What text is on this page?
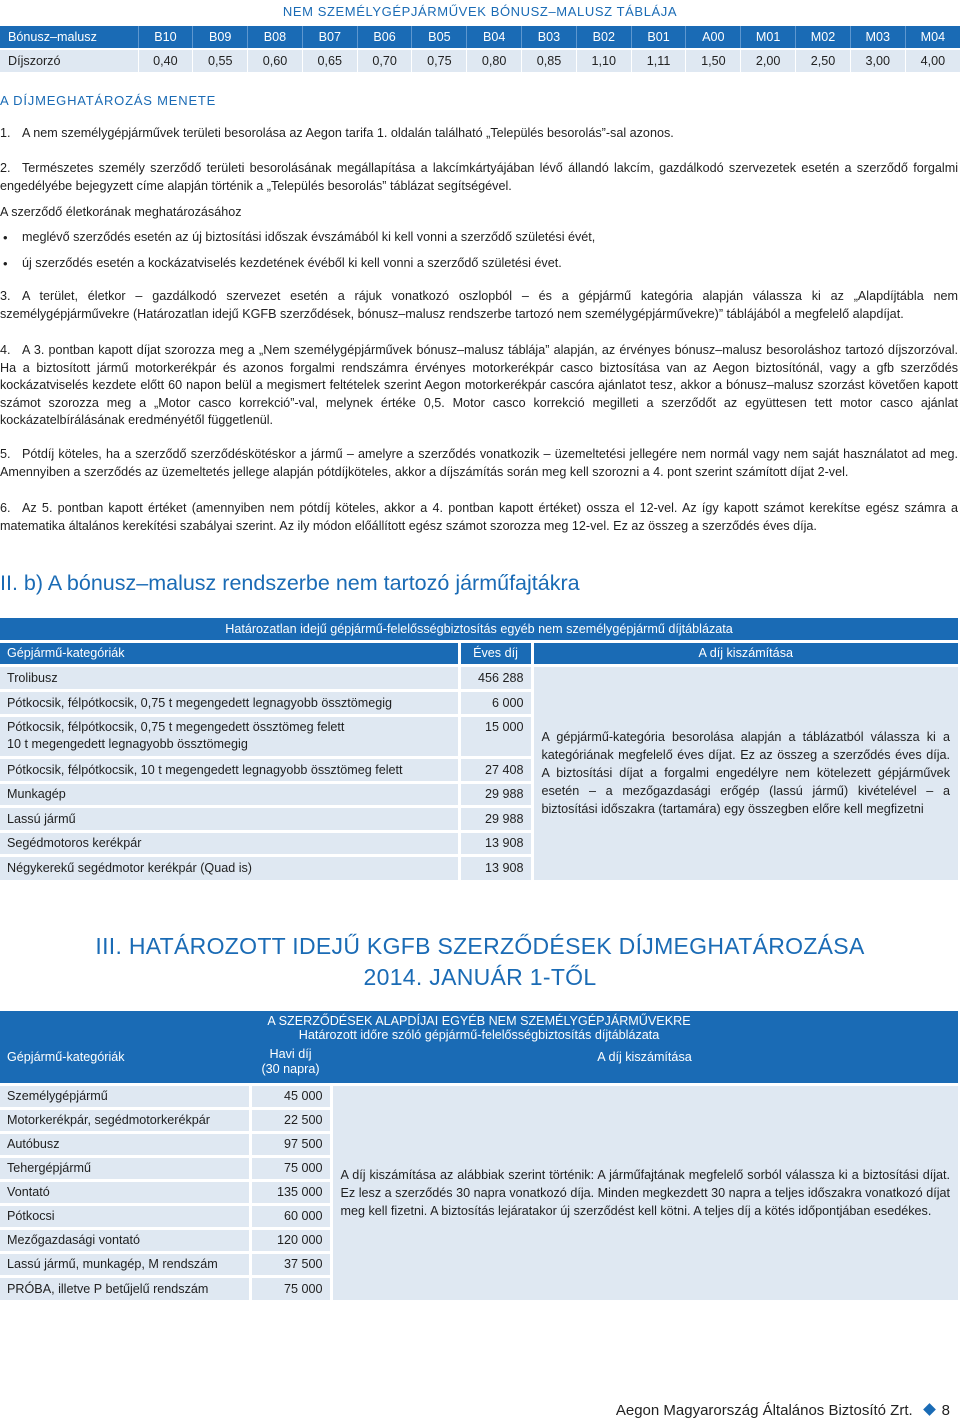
NEM SZEMÉLYGÉPJÁRMŰVEK BÓNUSZ–MALUSZ TÁBLÁJA
Bónusz–malusz	B10	B09	B08	B07	B06	B05	B04	B03	B02	B01	A00	M01	M02	M03	M04
Díjszorzó	0,40	0,55	0,60	0,65	0,70	0,75	0,80	0,85	1,10	1,11	1,50	2,00	2,50	3,00	4,00
A DÍJMEGHATÁROZÁS MENETE
1. A nem személygépjárművek területi besorolása az Aegon tarifa 1. oldalán található „Település besorolás”-sal azonos.
2. Természetes személy szerződő területi besorolásának megállapítása a lakcímkártyájában lévő állandó lakcím, gazdálkodó szervezetek esetén a szerződő forgalmi engedélyébe bejegyzett címe alapján történik a „Település besorolás” táblázat segítségével.
A szerződő életkorának meghatározásához
• meglévő szerződés esetén az új biztosítási időszak évszámából ki kell vonni a szerződő születési évét,
• új szerződés esetén a kockázatviselés kezdetének évéből ki kell vonni a szerződő születési évet.
3. A terület, életkor – gazdálkodó szervezet esetén a rájuk vonatkozó oszlopból – és a gépjármű kategória alapján válassza ki az „Alapdíjtábla nem személygépjárművekre (Határozatlan idejű KGFB szerződések, bónusz–malusz rendszerbe tartozó nem személygépjárművekre)” táblájából a megfelelő alapdíjat.
4. A 3. pontban kapott díjat szorozza meg a „Nem személygépjárművek bónusz–malusz táblája” alapján, az érvényes bónusz–malusz besoroláshoz tartozó díjszorzóval. Ha a biztosított jármű motorkerékpár és azonos forgalmi rendszámra érvényes motorkerékpár casco biztosítása van az Aegon biztosítónál, vagy a gfb szerződés kockázatviselés kezdete előtt 60 napon belül a megismert feltételek szerint Aegon motorkerékpár cascóra ajánlatot tesz, akkor a bónusz–malusz szorzást követően kapott számot szorozza meg a „Motor casco korrekció”-val, melynek értéke 0,5. Motor casco korrekció megilleti a szerződőt az együttesen tett motor casco ajánlat kockázatelbírálásának eredményétől függetlenül.
5. Pótdíj köteles, ha a szerződő szerződéskötéskor a jármű – amelyre a szerződés vonatkozik – üzemeltetési jellegére nem normál vagy nem saját használatot ad meg. Amennyiben a szerződés az üzemeltetés jellege alapján pótdíjköteles, akkor a díjszámítás során meg kell szorozni a 4. pont szerint számított díjat 2-vel.
6. Az 5. pontban kapott értéket (amennyiben nem pótdíj köteles, akkor a 4. pontban kapott értéket) ossza el 12-vel. Az így kapott számot kerekítse egész számra a matematika általános kerekítési szabályai szerint. Az ily módon előállított egész számot szorozza meg 12-vel. Ez az összeg a szerződés éves díja.
II. b) A bónusz–malusz rendszerbe nem tartozó járműfajtákra
Határozatlan idejű gépjármű-felelősségbiztosítás egyéb nem személygépjármű díjtáblázata		
Gépjármű-kategóriák	Éves díj	A díj kiszámítása
Trolibusz	456 288	A gépjármű-kategória besorolása alapján a táblázatból válassza ki a kategóriának megfelelő éves díjat. Ez az összeg a szerződés éves díja. A biztosítási díjat a forgalmi engedélyre nem kötelezett gépjárművek esetén – a mezőgazdasági erőgép (lassú jármű) kivételével – a biztosítási időszakra (tartamára) egy összegben előre kell megfizetni
Pótkocsik, félpótkocsik, 0,75 t megengedett legnagyobb össztömegig	6 000	

Pótkocsik, félpótkocsik, 0,75 t megengedett össztömeg felett
10 t megengedett legnagyobb össztömegig	15 000	
Pótkocsik, félpótkocsik, 10 t megengedett legnagyobb össztömeg felett	27 408	
Munkagép	29 988	
Lassú jármű	29 988	
Segédmotoros kerékpár	13 908	
Négykerekű segédmotor kerékpár (Quad is)	13 908	
III. HATÁROZOTT IDEJŰ KGFB SZERZŐDÉSEK DÍJMEGHATÁROZÁSA
2014. JANUÁR 1-TŐL
A SZERZŐDÉSEK ALAPDÍJAI EGYÉB NEM SZEMÉLYGÉPJÁRMŰVEKRE
Határozott időre szóló gépjármű-felelősségbiztosítás díjtáblázata		

Gépjármű-kategóriák	Havi díj
(30 napra)	A díj kiszámítása
Személygépjármű	45 000	A díj kiszámítása az alábbiak szerint történik: A járműfajtának megfelelő sorból válassza ki a biztosítási díjat. Ez lesz a szerződés 30 napra vonatkozó díja. Minden megkezdett 30 napra a teljes időszakra vonatkozó díjat meg kell fizetni. A biztosítás lejáratakor új szerződést kell kötni. A teljes díj a kötés időpontjában esedékes.
Motorkerékpár, segédmotorkerékpár	22 500	
Autóbusz	97 500	
Tehergépjármű	75 000	
Vontató	135 000	
Pótkocsi	60 000	
Mezőgazdasági vontató	120 000	
Lassú jármű, munkagép, M rendszám	37 500	
PRÓBA, illetve P betűjelű rendszám	75 000	
Aegon Magyarország Általános Biztosító Zrt. 8
